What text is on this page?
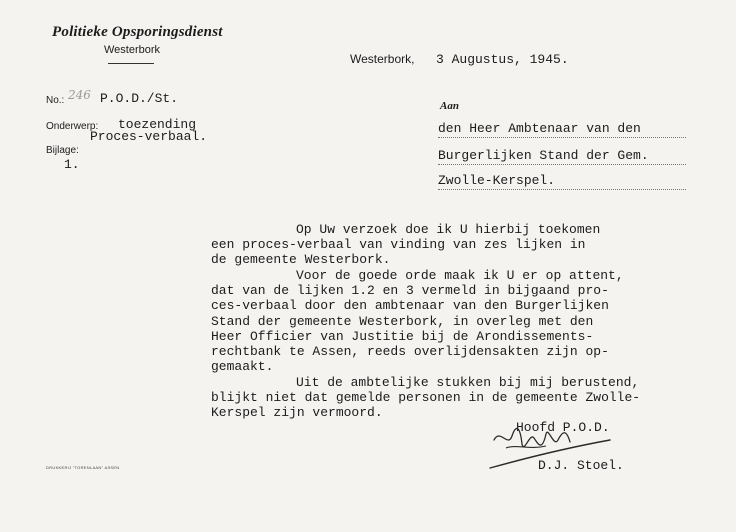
Politieke Opsporingsdienst
Westerbork
Westerbork, 3 Augustus, 1945.
No.: 246 P.O.D./St.
Onderwerp: toezending
Proces-verbaal.
Bijlage:
1.
Aan
den Heer Ambtenaar van den
Burgerlijken Stand der Gem.
Zwolle-Kerspel.
Op Uw verzoek doe ik U hierbij toekomen
een proces-verbaal van vinding van zes lijken in
de gemeente Westerbork.
Voor de goede orde maak ik U er op attent,
dat van de lijken 1.2 en 3 vermeld in bijgaand pro-
ces-verbaal door den ambtenaar van den Burgerlijken
Stand der gemeente Westerbork, in overleg met den
Heer Officier van Justitie bij de Arondissements-
rechtbank te Assen, reeds overlijdensakten zijn op-
gemaakt.
Uit de ambtelijke stukken bij mij berustend,
blijkt niet dat gemelde personen in de gemeente Zwolle-
Kerspel zijn vermoord.
Hoofd P.O.D.
D.J. Stoel.
DRUKKERIJ "TORENLAAN" ASSEN
